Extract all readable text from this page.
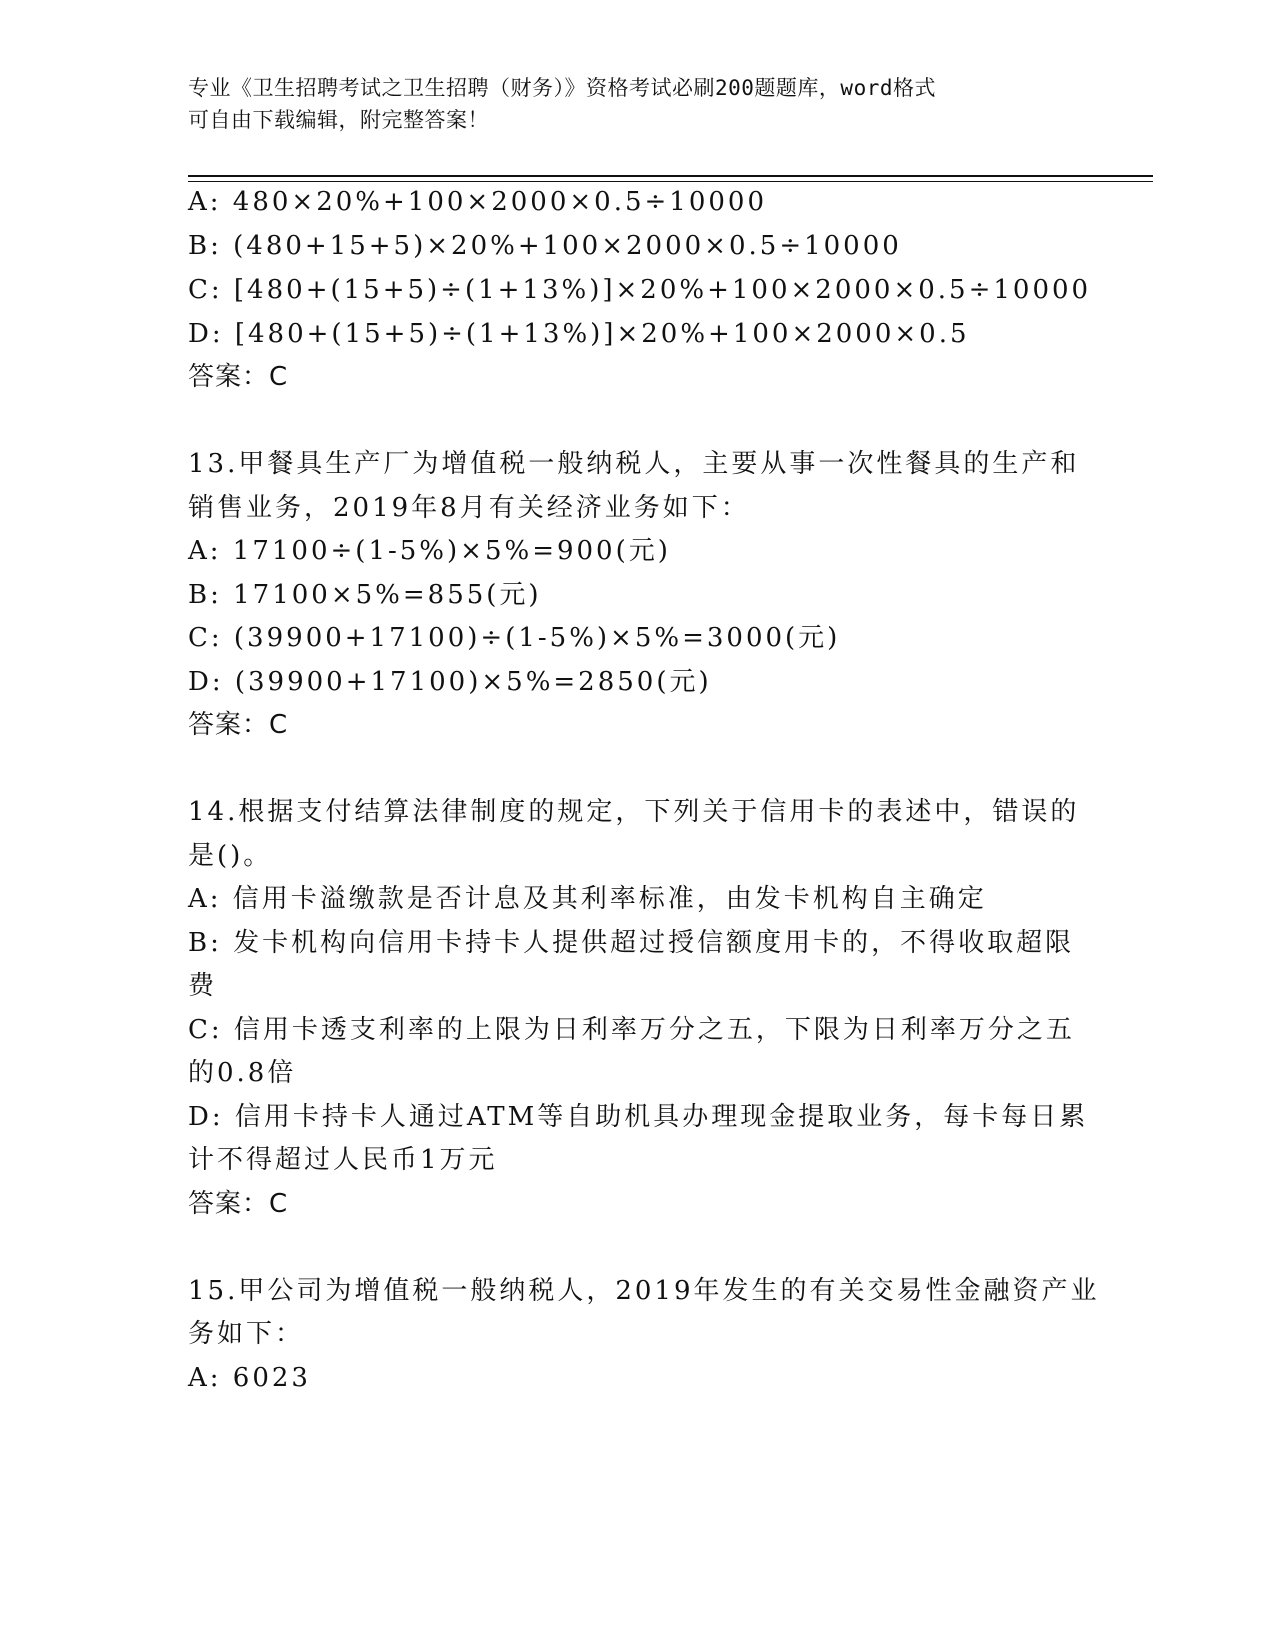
专业《卫生招聘考试之卫生招聘（财务）》资格考试必刷200题题库，word格式
可自由下载编辑，附完整答案！
A: 480×20%+100×2000×0.5÷10000
B: (480+15+5)×20%+100×2000×0.5÷10000
C: [480+(15+5)÷(1+13%)]×20%+100×2000×0.5÷10000
D: [480+(15+5)÷(1+13%)]×20%+100×2000×0.5
答案：C
13.甲餐具生产厂为增值税一般纳税人，主要从事一次性餐具的生产和
销售业务，2019年8月有关经济业务如下：
A: 17100÷(1-5%)×5%=900(元)
B: 17100×5%=855(元)
C: (39900+17100)÷(1-5%)×5%=3000(元)
D: (39900+17100)×5%=2850(元)
答案：C
14.根据支付结算法律制度的规定，下列关于信用卡的表述中，错误的
是()。
A: 信用卡溢缴款是否计息及其利率标准，由发卡机构自主确定
B: 发卡机构向信用卡持卡人提供超过授信额度用卡的，不得收取超限
费
C: 信用卡透支利率的上限为日利率万分之五，下限为日利率万分之五
的0.8倍
D: 信用卡持卡人通过ATM等自助机具办理现金提取业务，每卡每日累
计不得超过人民币1万元
答案：C
15.甲公司为增值税一般纳税人，2019年发生的有关交易性金融资产业
务如下：
A: 6023
